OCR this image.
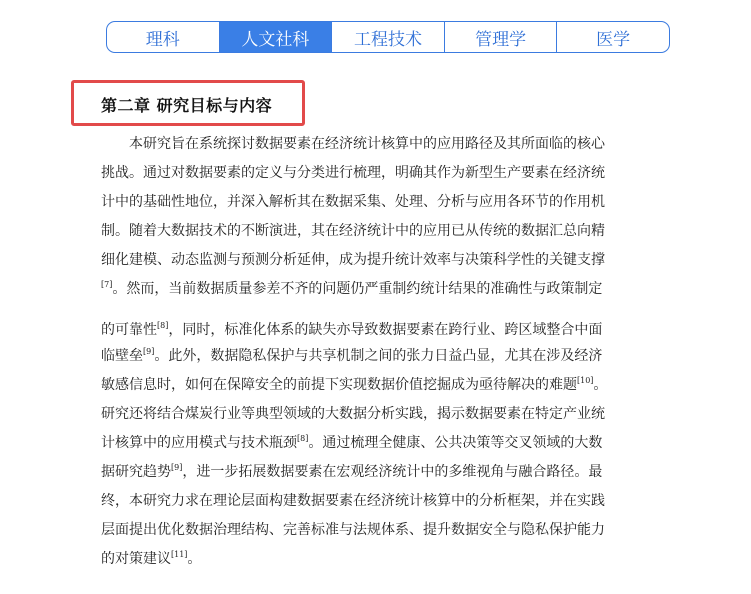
理科	人文社科	工程技术	管理学	医学
第二章 研究目标与内容
本研究旨在系统探讨数据要素在经济统计核算中的应用路径及其所面临的核心
挑战。通过对数据要素的定义与分类进行梳理，明确其作为新型生产要素在经济统
计中的基础性地位，并深入解析其在数据采集、处理、分析与应用各环节的作用机
制。随着大数据技术的不断演进，其在经济统计中的应用已从传统的数据汇总向精
细化建模、动态监测与预测分析延伸，成为提升统计效率与决策科学性的关键支撑
[7]。然而，当前数据质量参差不齐的问题仍严重制约统计结果的准确性与政策制定
的可靠性[8]，同时，标准化体系的缺失亦导致数据要素在跨行业、跨区域整合中面
临壁垒[9]。此外，数据隐私保护与共享机制之间的张力日益凸显，尤其在涉及经济
敏感信息时，如何在保障安全的前提下实现数据价值挖掘成为亟待解决的难题[10]。
研究还将结合煤炭行业等典型领域的大数据分析实践，揭示数据要素在特定产业统
计核算中的应用模式与技术瓶颈[8]。通过梳理全健康、公共决策等交叉领域的大数
据研究趋势[9]，进一步拓展数据要素在宏观经济统计中的多维视角与融合路径。最
终，本研究力求在理论层面构建数据要素在经济统计核算中的分析框架，并在实践
层面提出优化数据治理结构、完善标准与法规体系、提升数据安全与隐私保护能力
的对策建议[11]。
